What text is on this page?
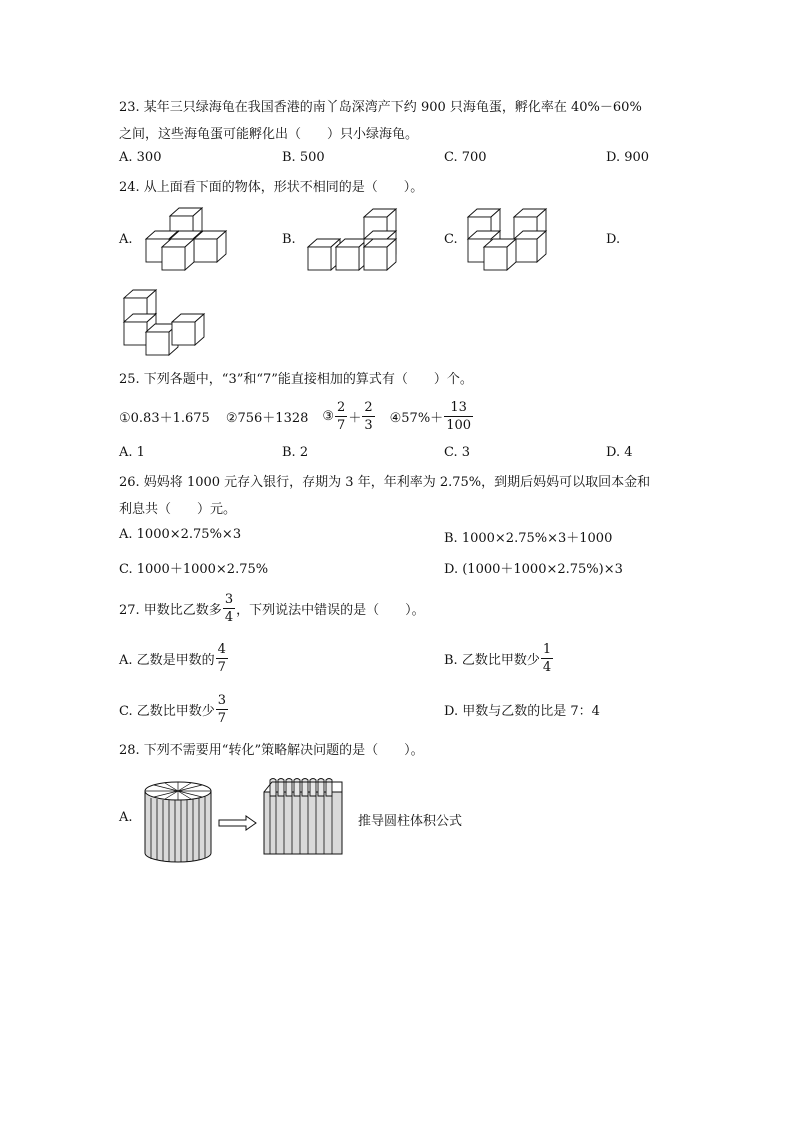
23. 某年三只绿海龟在我国香港的南丫岛深湾产下约 900 只海龟蛋，孵化率在 40%－60%
之间，这些海龟蛋可能孵化出（　　）只小绿海龟。
A. 300	B. 500	C. 700	D. 900
24. 从上面看下面的物体，形状不相同的是（　　）。
A.	B.	C.	D.
25. 下列各题中，“3”和“7”能直接相加的算式有（　　）个。
①0.83＋1.675 ②756＋1328 ③ $\frac{2}{7} + \frac{2}{3}$ ④57%＋ $\frac{13}{100}$
A. 1	B. 2	C. 3	D. 4
26. 妈妈将 1000 元存入银行，存期为 3 年，年利率为 2.75%，到期后妈妈可以取回本金和
利息共（　　）元。
A. 1000×2.75%×3	B. 1000×2.75%×3＋1000
C. 1000＋1000×2.75%	D. (1000＋1000×2.75%)×3
27. 甲数比乙数多 $\frac{3}{4}$ ，下列说法中错误的是（　　）。
A. 乙数是甲数的 $\frac{4}{7}$	B. 乙数比甲数少 $\frac{1}{4}$
C. 乙数比甲数少 $\frac{3}{7}$	D. 甲数与乙数的比是 7：4
28. 下列不需要用“转化”策略解决问题的是（　　）。
A.	推导圆柱体积公式
